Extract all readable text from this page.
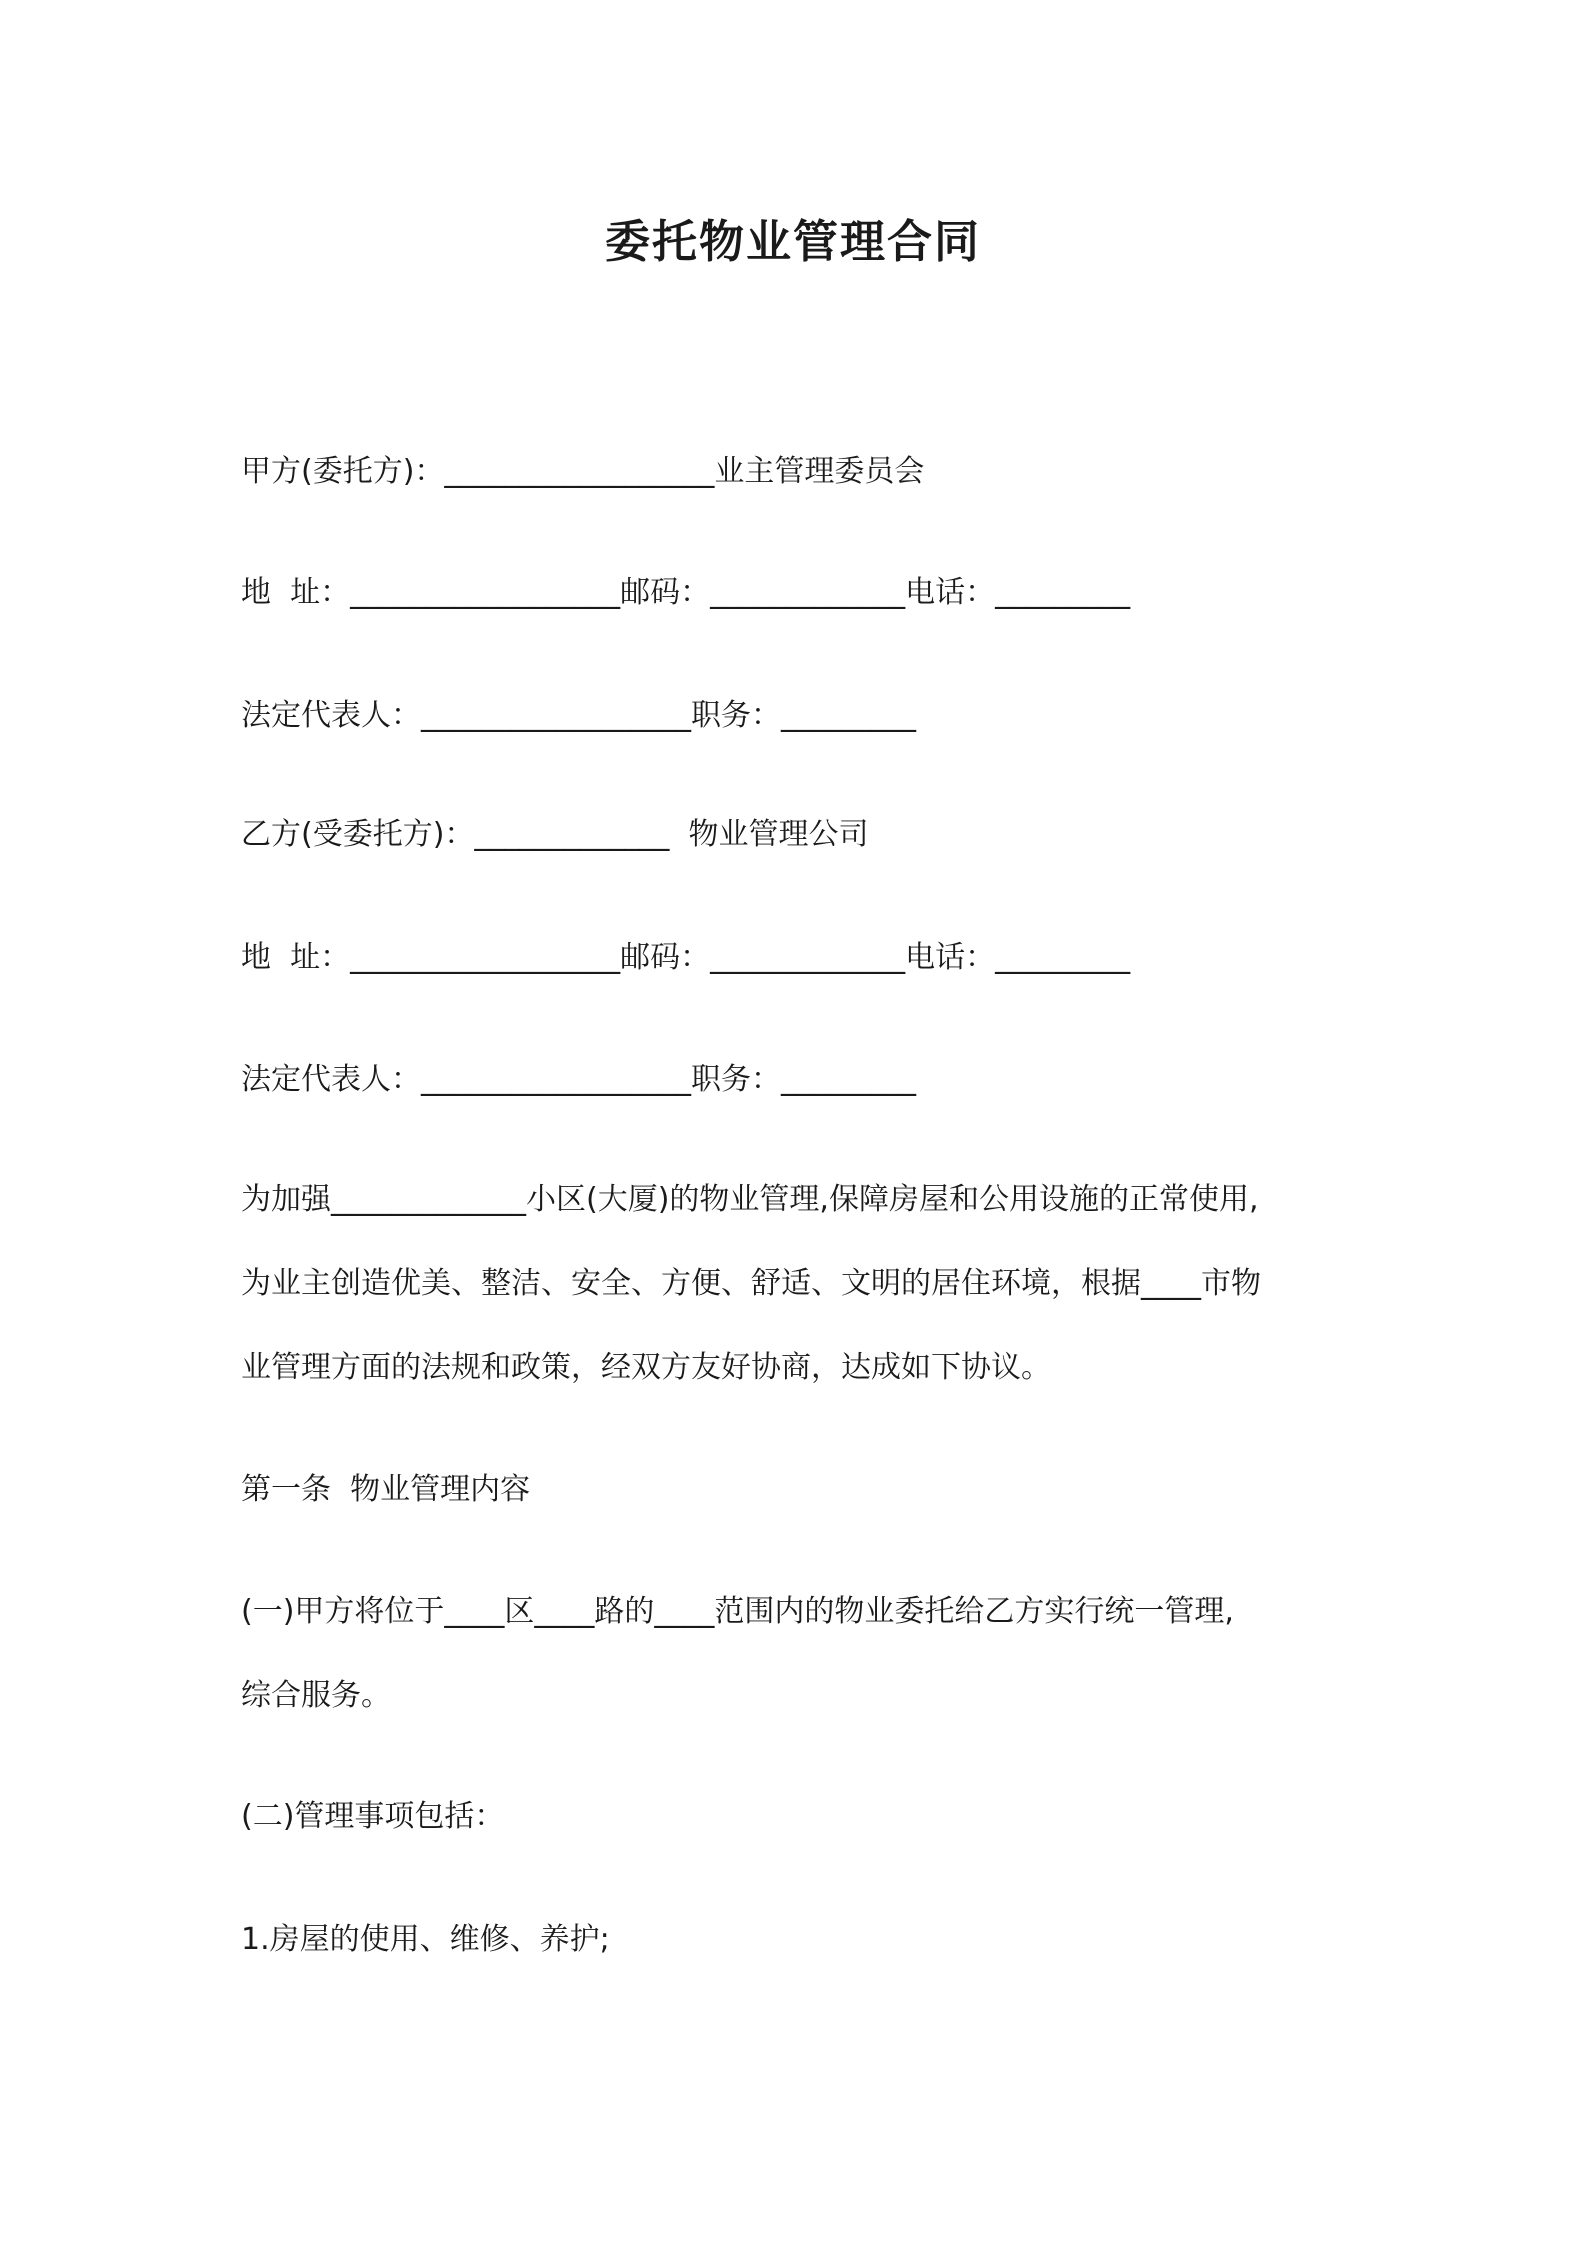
委托物业管理合同
甲方(委托方)：__________________业主管理委员会
地  址：__________________邮码：_____________电话：_________
法定代表人：__________________职务：_________
乙方(受委托方)：_____________  物业管理公司
地  址：__________________邮码：_____________电话：_________
法定代表人：__________________职务：_________
为加强_____________小区(大厦)的物业管理,保障房屋和公用设施的正常使用,
为业主创造优美、整洁、安全、方便、舒适、文明的居住环境，根据____市物
业管理方面的法规和政策，经双方友好协商，达成如下协议。
第一条  物业管理内容
(一)甲方将位于____区____路的____范围内的物业委托给乙方实行统一管理,
综合服务。
(二)管理事项包括：
1.房屋的使用、维修、养护;
